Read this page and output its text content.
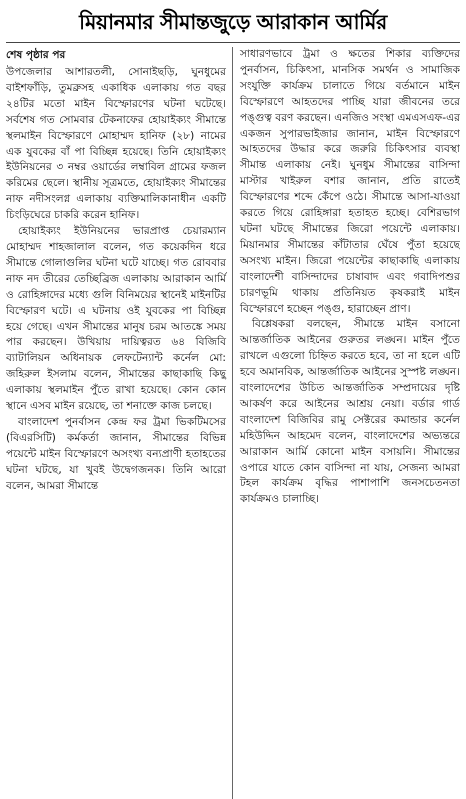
মিয়ানমার সীমান্তজুড়ে আরাকান আর্মির
শেষ পৃষ্ঠার পর

উপজেলার আশারতলী, সোনাইছড়ি, ঘুনধুমের বাইশফাঁড়ি, তুমব্রুসহ একাধিক এলাকায় গত বছর ২৪টির মতো মাইন বিস্ফোরণের ঘটনা ঘটেছে। সর্বশেষ গত সোমবার টেকনাফের হোয়াইক্যং সীমান্তে স্থলমাইন বিস্ফোরণে মোহাম্মদ হানিফ (২৮) নামের এক যুবকের বাঁ পা বিচ্ছিন্ন হয়েছে। তিনি হোয়াইক্যং ইউনিয়নের ৩ নম্বর ওয়ার্ডের লম্বাবিল গ্রামের ফজল করিমের ছেলে। স্থানীয় সূত্রমতে, হোয়াইক্যং সীমান্তের নাফ নদীসংলগ্ন এলাকায় ব্যক্তিমালিকানাধীন একটি চিংড়িঘেরে চাকরি করেন হানিফ।

হোয়াইক্যং ইউনিয়নের ভারপ্রাপ্ত চেয়ারম্যান মোহাম্মদ শাহজালাল বলেন, গত কয়েকদিন ধরে সীমান্তে গোলাগুলির ঘটনা ঘটে যাচ্ছে। গত রোববার নাফ নদ তীরের তেচ্ছিব্রিজ এলাকায় আরাকান আর্মি ও রোহিঙ্গাদের মধ্যে গুলি বিনিময়ের স্থানেই মাইনটির বিস্ফোরণ ঘটে। এ ঘটনায় ওই যুবকের পা বিচ্ছিন্ন হয়ে গেছে। এখন সীমান্তের মানুষ চরম আতঙ্কে সময় পার করছেন। উখিয়ায় দায়িত্বরত ৬৪ বিজিবি ব্যাটালিয়ন অধিনায়ক লেফটেন্যান্ট কর্নেল মো: জহিরুল ইসলাম বলেন, সীমান্তের কাছাকাছি কিছু এলাকায় স্থলমাইন পুঁতে রাখা হয়েছে। কোন কোন স্থানে এসব মাইন রয়েছে, তা শনাক্তে কাজ চলছে।

বাংলাদেশ পুনর্বাসন কেন্দ্র ফর ট্রমা ভিকটিমসের (বিএরসিটি) কর্মকর্তা জানান, সীমান্তের বিভিন্ন পয়েন্টে মাইন বিস্ফোরণে অসংখ্য বন্যপ্রাণী হতাহতের ঘটনা ঘটছে, যা খুবই উদ্বেগজনক। তিনি আরো বলেন, আমরা সীমান্তে

সাধারণভাবে ট্রমা ও ক্ষতের শিকার ব্যক্তিদের পুনর্বাসন, চিকিৎসা, মানসিক সমর্থন ও সামাজিক সংযুক্তি কার্যক্রম চালাতে গিয়ে বর্তমানে মাইন বিস্ফোরণে আহতদের পাচ্ছি যারা জীবনের তরে পঙ্গুত্ব বরণ করছেন। এনজিও সংস্থা এমএসএফ-এর একজন সুপারভাইজার জানান, মাইন বিস্ফোরণে আহতদের উদ্ধার করে জরুরি চিকিৎসার ব্যবস্থা সীমান্ত এলাকায় নেই। ঘুনধুম সীমান্তের বাসিন্দা মাস্টার খাইরুল বশার জানান, প্রতি রাতেই বিস্ফোরণের শব্দে কেঁপে ওঠে। সীমান্তে আসা-যাওয়া করতে গিয়ে রোহিঙ্গারা হতাহত হচ্ছে। বেশিরভাগ ঘটনা ঘটছে সীমান্তের জিরো পয়েন্টে এলাকায়। মিয়ানমার সীমান্তের কাঁটাতার ঘেঁষে পুঁতা হয়েছে অসংখ্য মাইন। জিরো পয়েন্টের কাছাকাছি এলাকায় বাংলাদেশী বাসিন্দাদের চাষাবাদ এবং গবাদিপশুর চারণভূমি থাকায় প্রতিনিয়ত কৃষকরাই মাইন বিস্ফোরণে হচ্ছেন পঙ্গু, হারাচ্ছেন প্রাণ।

বিশ্লেষকরা বলছেন, সীমান্তে মাইন বসানো আন্তর্জাতিক আইনের গুরুতর লঙ্ঘন। মাইন পুঁতে রাখলে এগুলো চিহ্নিত করতে হবে, তা না হলে এটি হবে অমানবিক, আন্তর্জাতিক আইনের সুস্পষ্ট লঙ্ঘন। বাংলাদেশের উচিত আন্তর্জাতিক সম্প্রদায়ের দৃষ্টি আকর্ষণ করে আইনের আশ্রয় নেয়া। বর্ডার গার্ড বাংলাদেশ বিজিবির রামু সেক্টরের কমান্ডার কর্নেল মহিউদ্দিন আহমেদ বলেন, বাংলাদেশের অভ্যন্তরে আরাকান আর্মি কোনো মাইন বসায়নি। সীমান্তের ওপারে যাতে কোন বাসিন্দা না যায়, সেজন্য আমরা টহল কার্যক্রম বৃদ্ধির পাশাপাশি জনসচেতনতা কার্যক্রমও চালাচ্ছি।
